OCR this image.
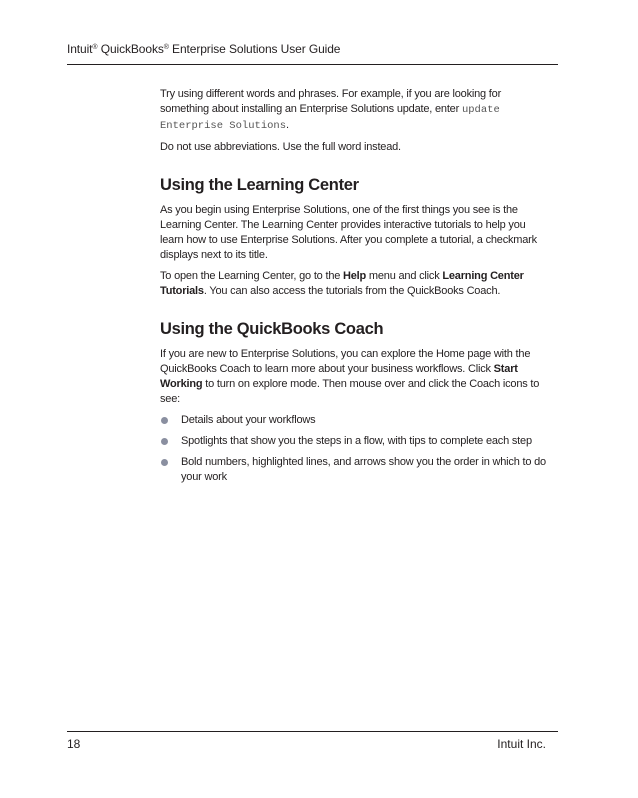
Intuit® QuickBooks® Enterprise Solutions User Guide

Try using different words and phrases. For example, if you are looking for something about installing an Enterprise Solutions update, enter update Enterprise Solutions.

Do not use abbreviations. Use the full word instead.

Using the Learning Center

As you begin using Enterprise Solutions, one of the first things you see is the Learning Center. The Learning Center provides interactive tutorials to help you learn how to use Enterprise Solutions. After you complete a tutorial, a checkmark displays next to its title.

To open the Learning Center, go to the Help menu and click Learning Center Tutorials. You can also access the tutorials from the QuickBooks Coach.

Using the QuickBooks Coach

If you are new to Enterprise Solutions, you can explore the Home page with the QuickBooks Coach to learn more about your business workflows. Click Start Working to turn on explore mode. Then mouse over and click the Coach icons to see:

Details about your workflows
Spotlights that show you the steps in a flow, with tips to complete each step
Bold numbers, highlighted lines, and arrows show you the order in which to do your work
18	Intuit Inc.
